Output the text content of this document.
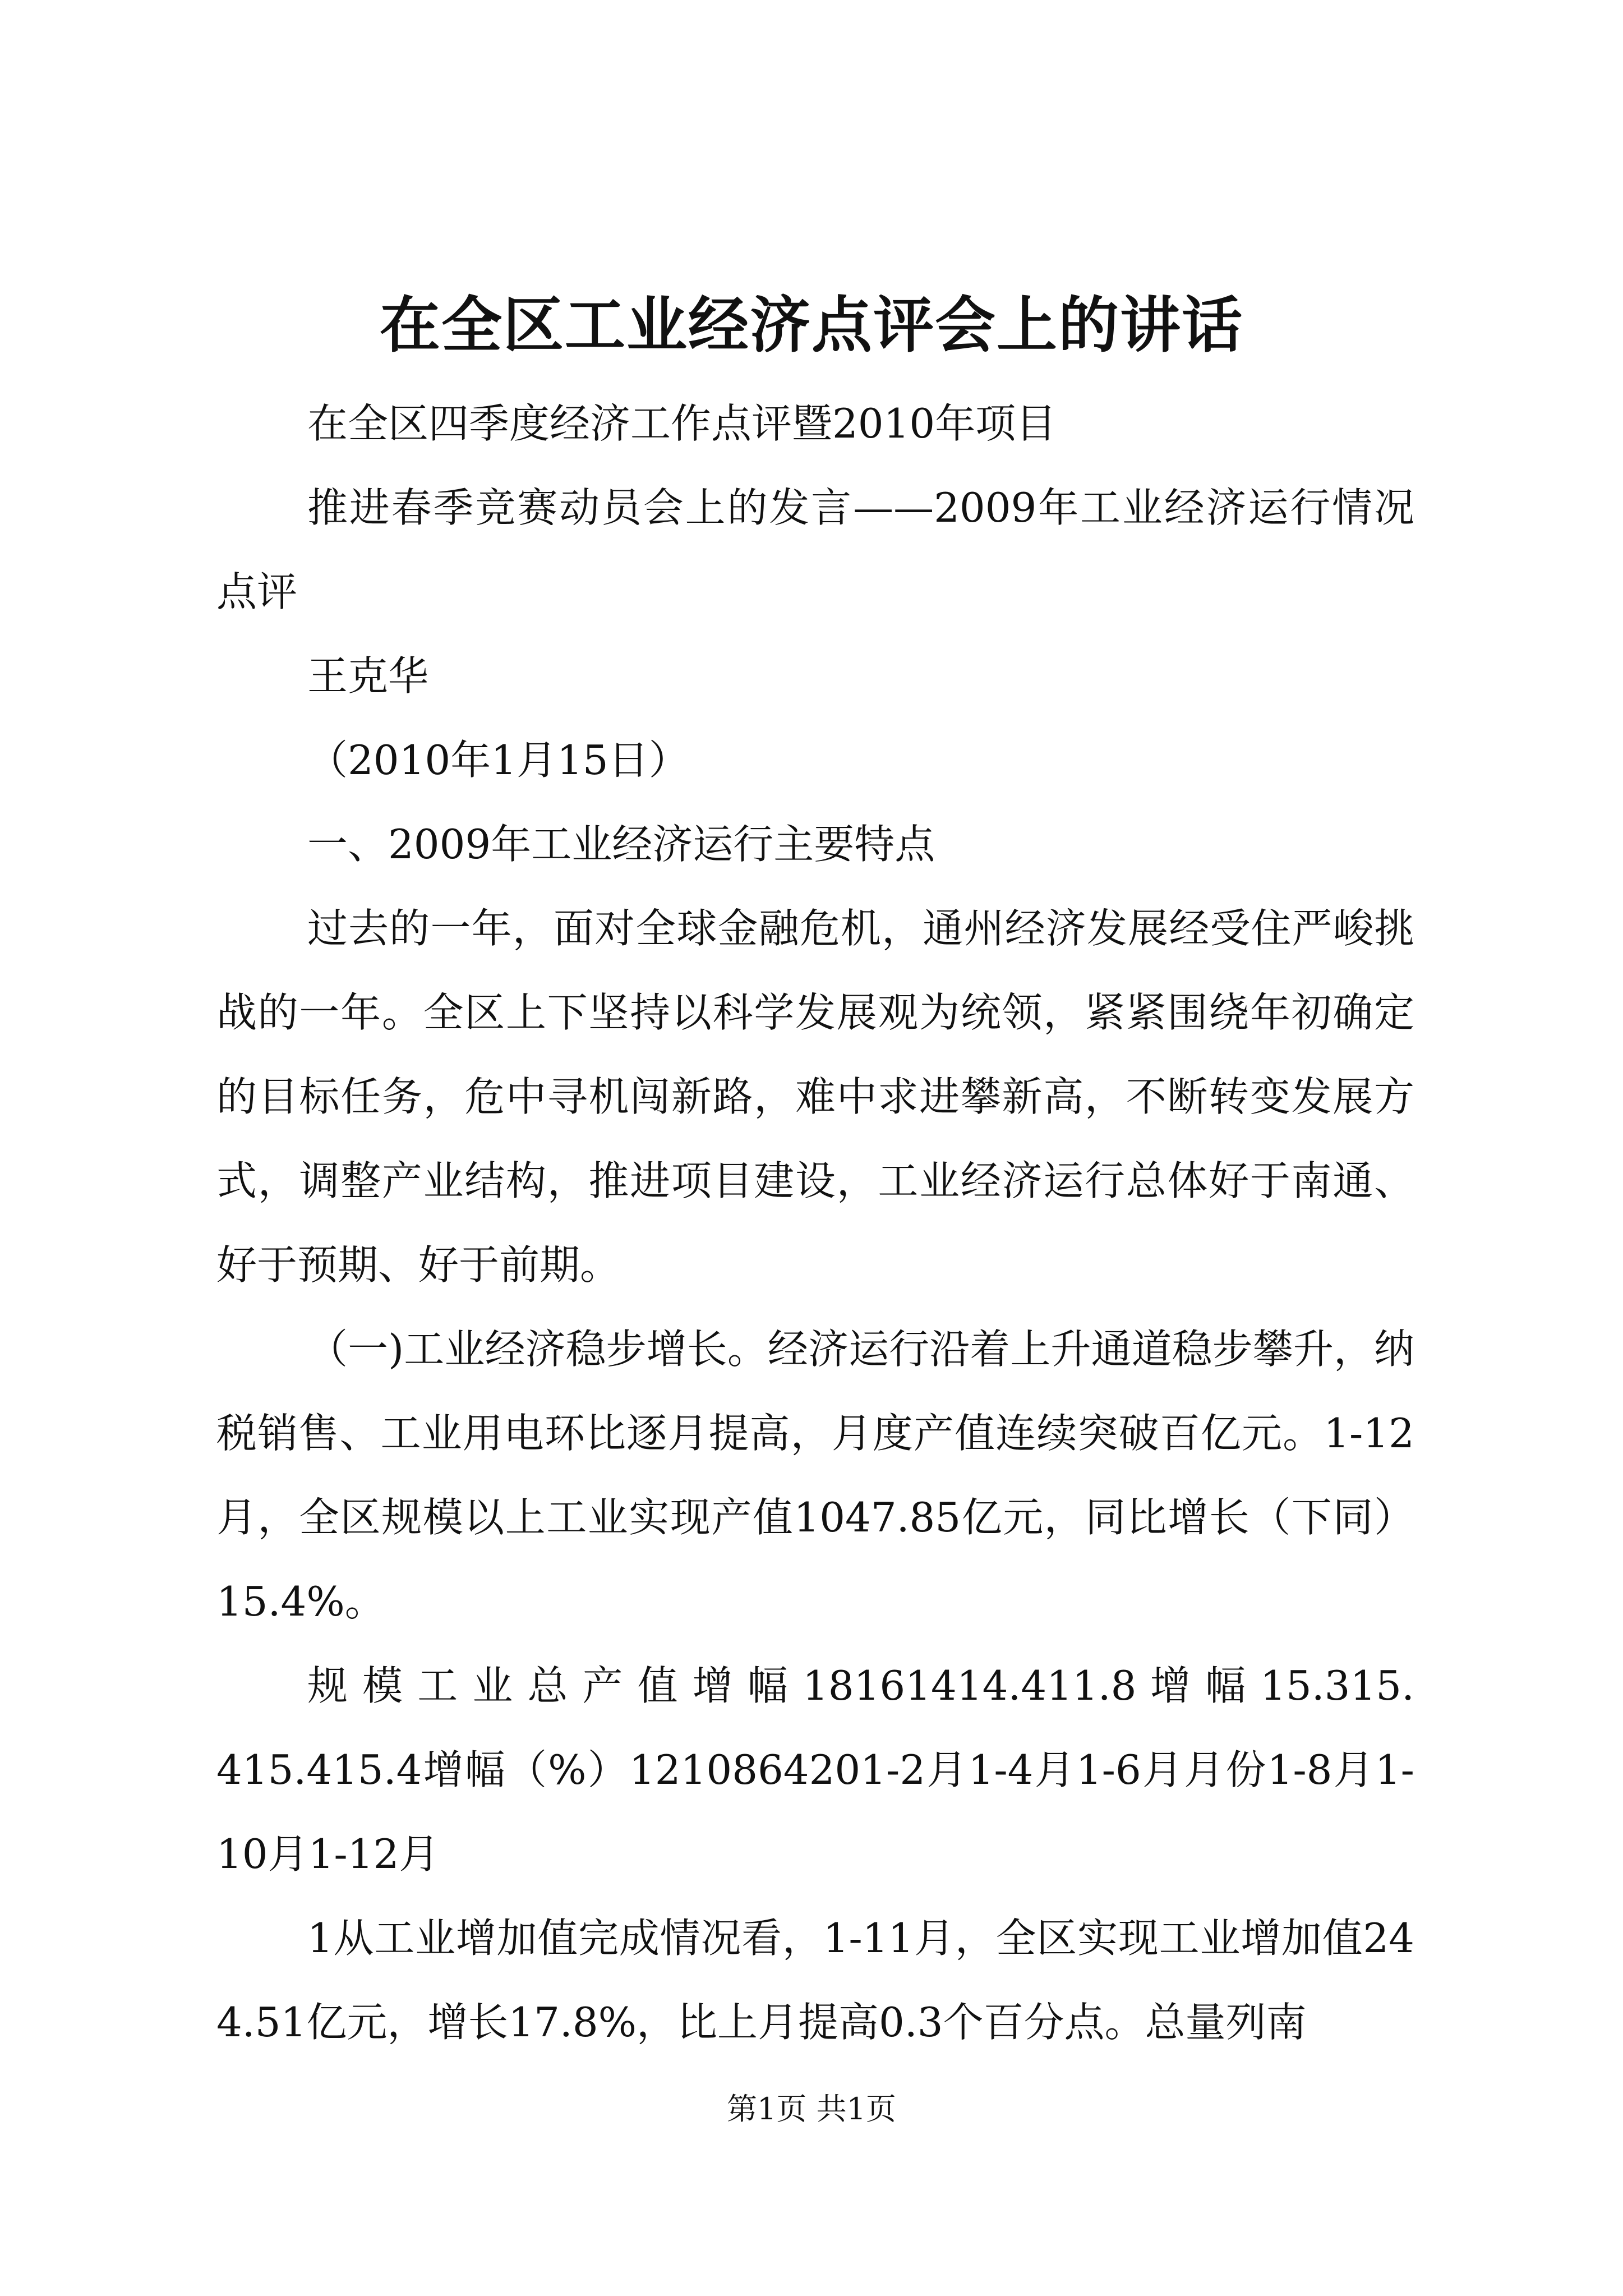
在全区工业经济点评会上的讲话

在全区四季度经济工作点评暨2010年项目

推进春季竞赛动员会上的发言——2009年工业经济运行情况点评

王克华

（2010年1月15日）

一、2009年工业经济运行主要特点

过去的一年，面对全球金融危机，通州经济发展经受住严峻挑战的一年。全区上下坚持以科学发展观为统领，紧紧围绕年初确定的目标任务，危中寻机闯新路，难中求进攀新高，不断转变发展方式，调整产业结构，推进项目建设，工业经济运行总体好于南通、好于预期、好于前期。

（一)工业经济稳步增长。经济运行沿着上升通道稳步攀升，纳税销售、工业用电环比逐月提高，月度产值连续突破百亿元。1-12月，全区规模以上工业实现产值1047.85亿元，同比增长（下同）15.4%。

规 模 工 业 总 产 值 增 幅 18161414.411.8 增 幅 15.315.415.415.4增幅（%）1210864201-2月1-4月1-6月月份1-8月1-10月1-12月

1从工业增加值完成情况看，1-11月，全区实现工业增加值244.51亿元，增长17.8%，比上月提高0.3个百分点。总量列南

第1页 共1页
